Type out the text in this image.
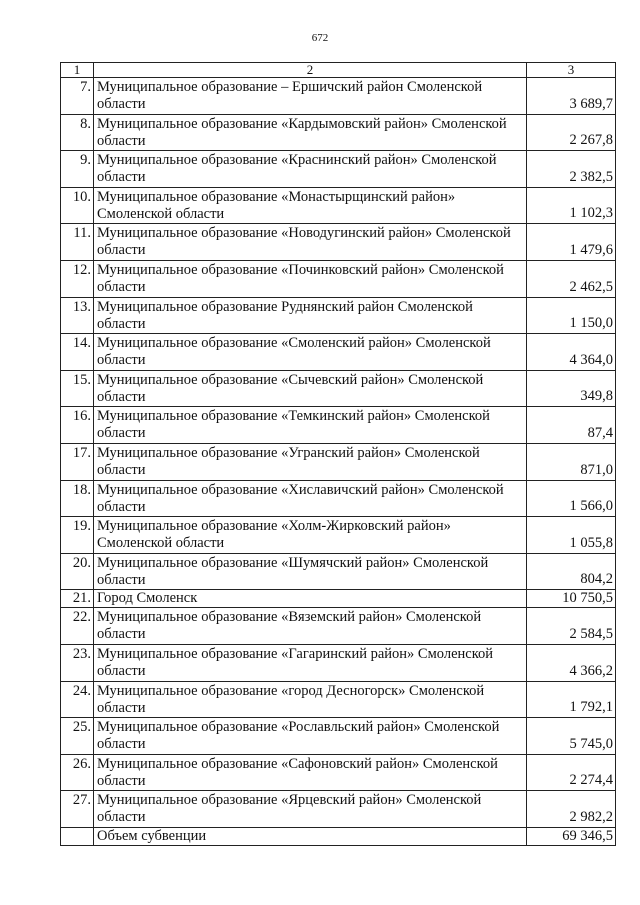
672
1	2	3
7.	Муниципальное образование – Ершичский район Смоленской области	3 689,7
8.	Муниципальное образование «Кардымовский район» Смоленской области	2 267,8
9.	Муниципальное образование «Краснинский район» Смоленской области	2 382,5
10.	Муниципальное образование «Монастырщинский район» Смоленской области	1 102,3
11.	Муниципальное образование «Новодугинский район» Смоленской области	1 479,6
12.	Муниципальное образование «Починковский район» Смоленской области	2 462,5
13.	Муниципальное образование Руднянский район Смоленской области	1 150,0
14.	Муниципальное образование «Смоленский район» Смоленской области	4 364,0
15.	Муниципальное образование «Сычевский район» Смоленской области	349,8
16.	Муниципальное образование «Темкинский район» Смоленской области	87,4
17.	Муниципальное образование «Угранский район» Смоленской области	871,0
18.	Муниципальное образование «Хиславичский район» Смоленской области	1 566,0
19.	Муниципальное образование «Холм-Жирковский район» Смоленской области	1 055,8
20.	Муниципальное образование «Шумячский район» Смоленской области	804,2
21.	Город Смоленск	10 750,5
22.	Муниципальное образование «Вяземский район» Смоленской области	2 584,5
23.	Муниципальное образование «Гагаринский район» Смоленской области	4 366,2
24.	Муниципальное образование «город Десногорск» Смоленской области	1 792,1
25.	Муниципальное образование «Рославльский район» Смоленской области	5 745,0
26.	Муниципальное образование «Сафоновский район» Смоленской области	2 274,4
27.	Муниципальное образование «Ярцевский район» Смоленской области	2 982,2
	Объем субвенции	69 346,5
